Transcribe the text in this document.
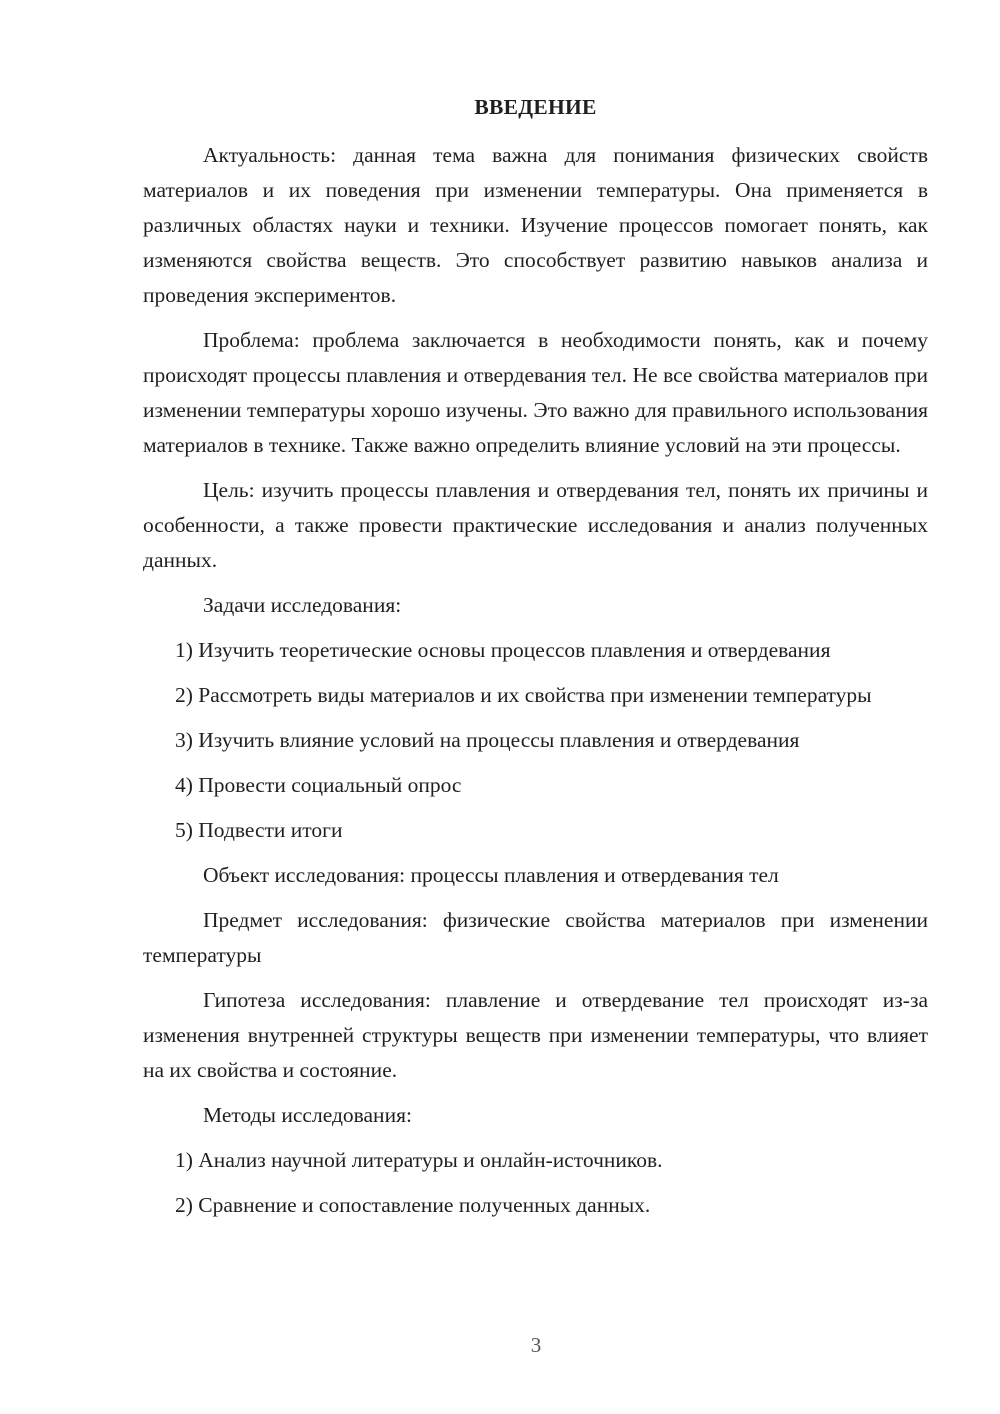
ВВЕДЕНИЕ

Актуальность: данная тема важна для понимания физических свойств материалов и их поведения при изменении температуры. Она применяется в различных областях науки и техники. Изучение процессов помогает понять, как изменяются свойства веществ. Это способствует развитию навыков анализа и проведения экспериментов.

Проблема: проблема заключается в необходимости понять, как и почему происходят процессы плавления и отвердевания тел. Не все свойства материалов при изменении температуры хорошо изучены. Это важно для правильного использования материалов в технике. Также важно определить влияние условий на эти процессы.

Цель: изучить процессы плавления и отвердевания тел, понять их причины и особенности, а также провести практические исследования и анализ полученных данных.

Задачи исследования:

1) Изучить теоретические основы процессов плавления и отвердевания

2) Рассмотреть виды материалов и их свойства при изменении температуры

3) Изучить влияние условий на процессы плавления и отвердевания

4) Провести социальный опрос

5) Подвести итоги

Объект исследования: процессы плавления и отвердевания тел

Предмет исследования: физические свойства материалов при изменении температуры

Гипотеза исследования: плавление и отвердевание тел происходят из-за изменения внутренней структуры веществ при изменении температуры, что влияет на их свойства и состояние.

Методы исследования:

1) Анализ научной литературы и онлайн-источников.

2) Сравнение и сопоставление полученных данных.

3
